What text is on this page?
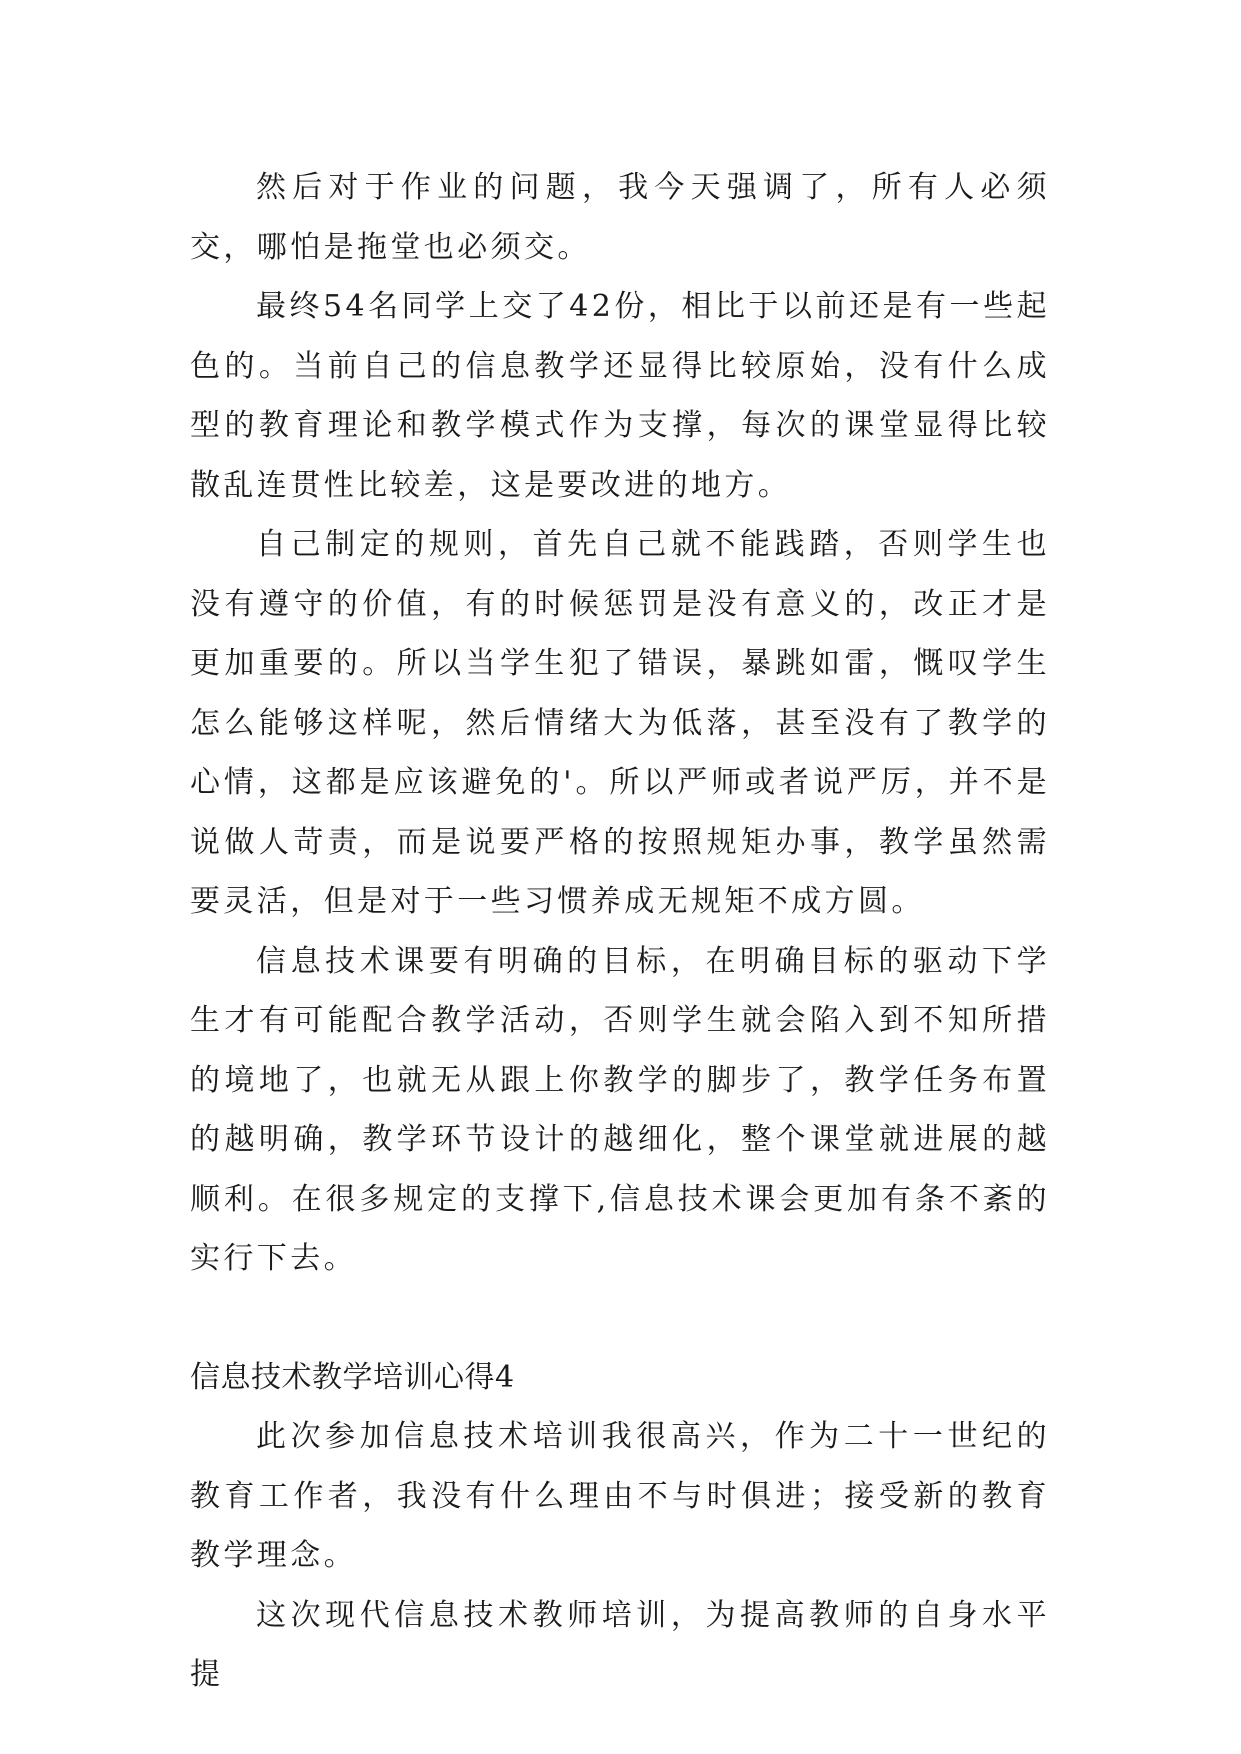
然后对于作业的问题，我今天强调了，所有人必须交，哪怕是拖堂也必须交。

最终54名同学上交了42份，相比于以前还是有一些起色的。当前自己的信息教学还显得比较原始，没有什么成型的教育理论和教学模式作为支撑，每次的课堂显得比较散乱连贯性比较差，这是要改进的地方。

自己制定的规则，首先自己就不能践踏，否则学生也没有遵守的价值，有的时候惩罚是没有意义的，改正才是更加重要的。所以当学生犯了错误，暴跳如雷，慨叹学生怎么能够这样呢，然后情绪大为低落，甚至没有了教学的心情，这都是应该避免的'。所以严师或者说严厉，并不是说做人苛责，而是说要严格的按照规矩办事，教学虽然需要灵活，但是对于一些习惯养成无规矩不成方圆。

信息技术课要有明确的目标，在明确目标的驱动下学生才有可能配合教学活动，否则学生就会陷入到不知所措的境地了，也就无从跟上你教学的脚步了，教学任务布置的越明确，教学环节设计的越细化，整个课堂就进展的越顺利。在很多规定的支撑下,信息技术课会更加有条不紊的实行下去。

信息技术教学培训心得4

此次参加信息技术培训我很高兴，作为二十一世纪的教育工作者，我没有什么理由不与时俱进；接受新的教育教学理念。

这次现代信息技术教师培训，为提高教师的自身水平提
